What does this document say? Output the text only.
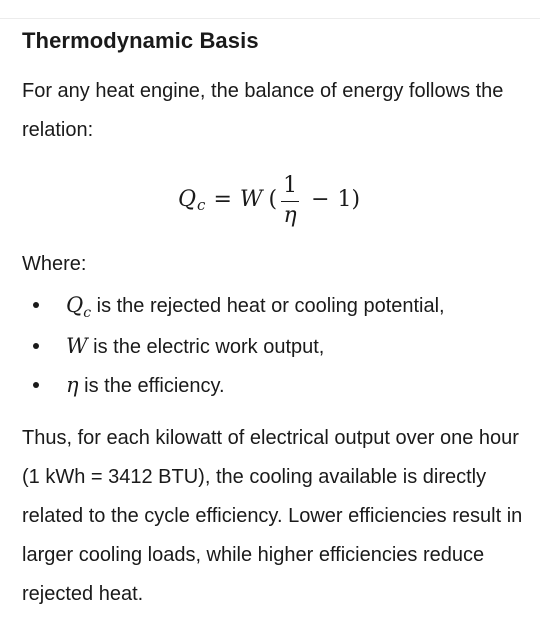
Thermodynamic Basis

For any heat engine, the balance of energy follows the relation:

Q c = W ( $\frac{1}{\eta} - 1$ )

Where:

$Q_c$ is the rejected heat or cooling potential,
W is the electric work output,
η is the efficiency.

Thus, for each kilowatt of electrical output over one hour (1 kWh = 3412 BTU), the cooling available is directly related to the cycle efficiency. Lower efficiencies result in larger cooling loads, while higher efficiencies reduce rejected heat.
